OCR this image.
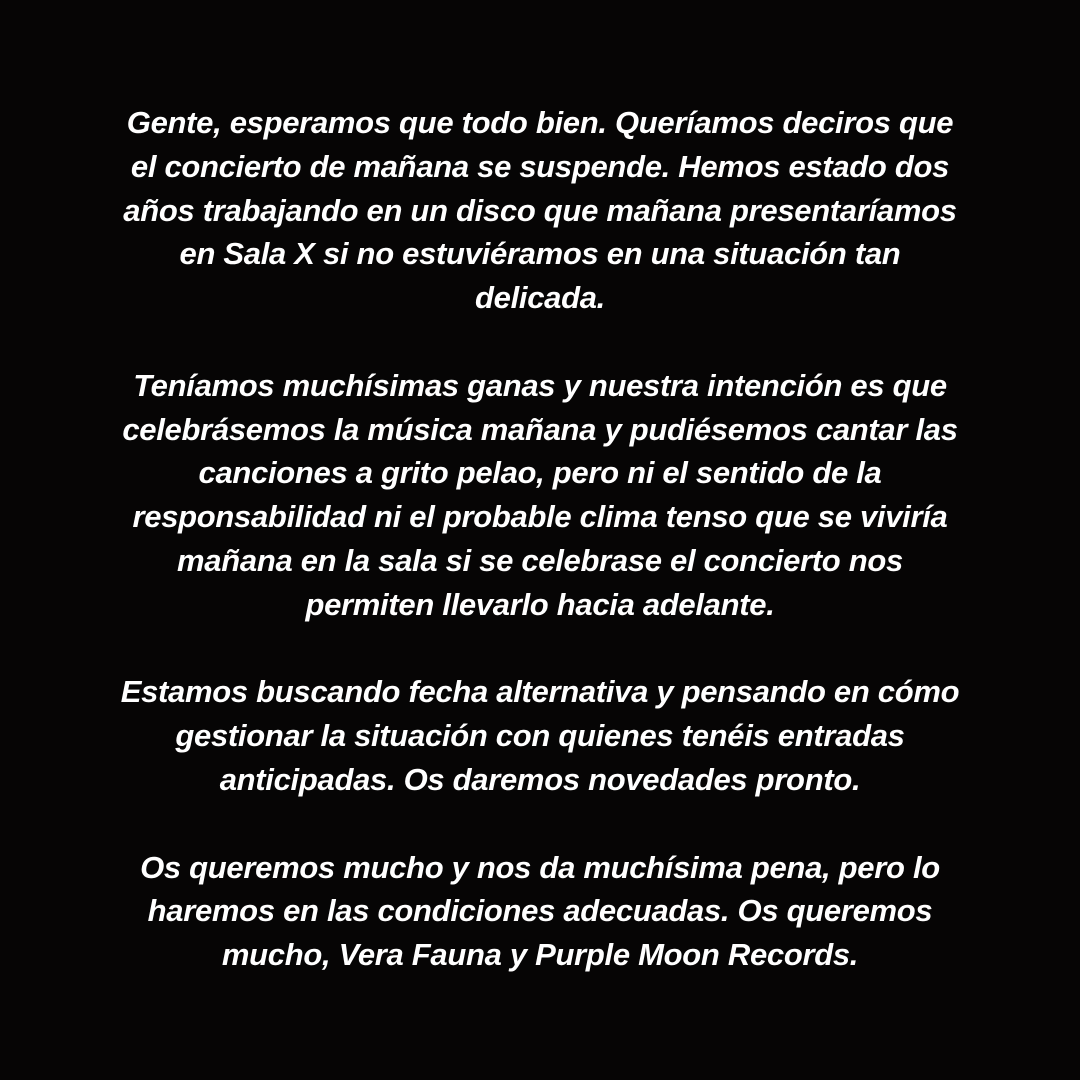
Gente, esperamos que todo bien. Queríamos deciros que
el concierto de mañana se suspende. Hemos estado dos
años trabajando en un disco que mañana presentaríamos
en Sala X si no estuviéramos en una situación tan
delicada.

Teníamos muchísimas ganas y nuestra intención es que
celebrásemos la música mañana y pudiésemos cantar las
canciones a grito pelao, pero ni el sentido de la
responsabilidad ni el probable clima tenso que se viviría
mañana en la sala si se celebrase el concierto nos
permiten llevarlo hacia adelante.

Estamos buscando fecha alternativa y pensando en cómo
gestionar la situación con quienes tenéis entradas
anticipadas. Os daremos novedades pronto.

Os queremos mucho y nos da muchísima pena, pero lo
haremos en las condiciones adecuadas. Os queremos
mucho, Vera Fauna y Purple Moon Records.
